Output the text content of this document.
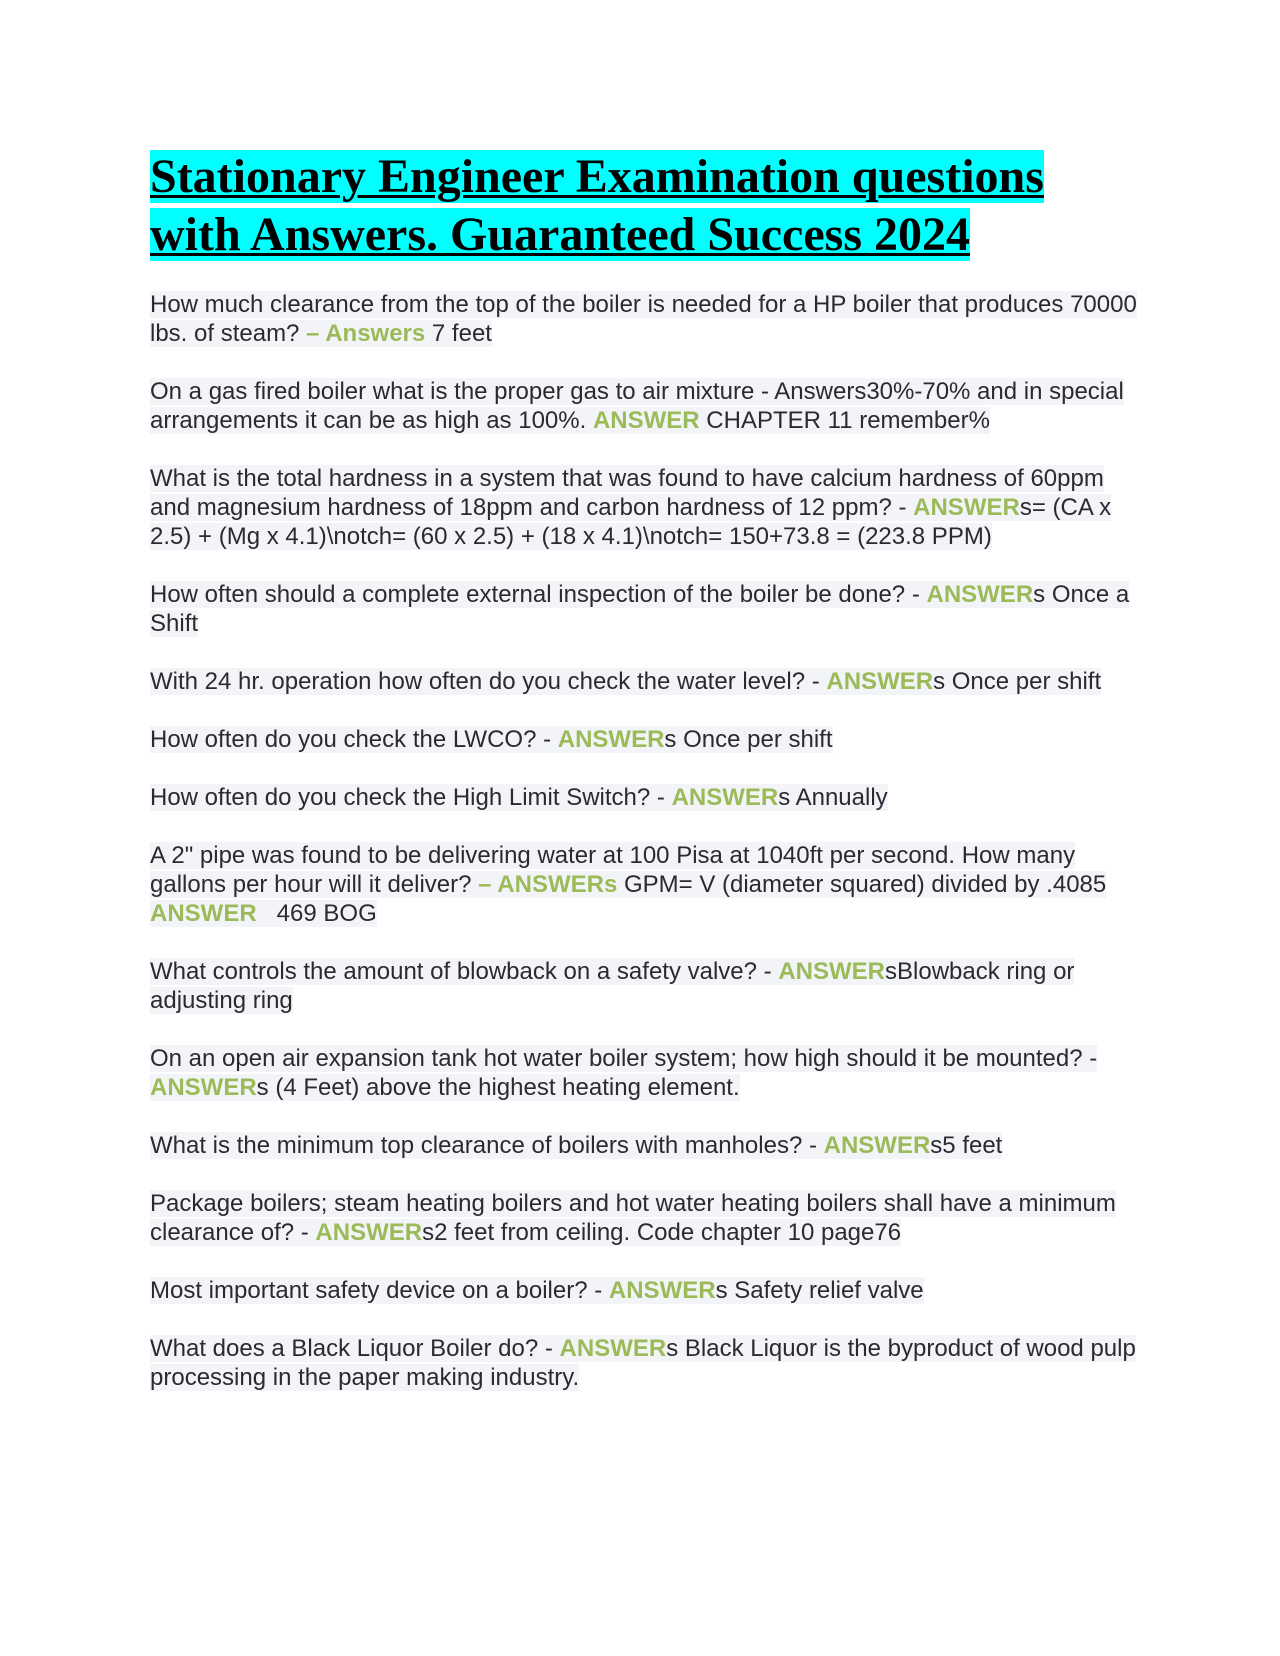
Stationary Engineer Examination questions with Answers. Guaranteed Success 2024

How much clearance from the top of the boiler is needed for a HP boiler that produces 70000 lbs. of steam? – Answers 7 feet

On a gas fired boiler what is the proper gas to air mixture - Answers30%-70% and in special arrangements it can be as high as 100%. ANSWER CHAPTER 11 remember%

What is the total hardness in a system that was found to have calcium hardness of 60ppm and magnesium hardness of 18ppm and carbon hardness of 12 ppm? - ANSWERs= (CA x 2.5) + (Mg x 4.1)\notch= (60 x 2.5) + (18 x 4.1)\notch= 150+73.8 = (223.8 PPM)

How often should a complete external inspection of the boiler be done? - ANSWERs Once a Shift

With 24 hr. operation how often do you check the water level? - ANSWERs Once per shift

How often do you check the LWCO? - ANSWERs Once per shift

How often do you check the High Limit Switch? - ANSWERs Annually

A 2" pipe was found to be delivering water at 100 Pisa at 1040ft per second. How many gallons per hour will it deliver? – ANSWERs GPM= V (diameter squared) divided by .4085 ANSWER   469 BOG

What controls the amount of blowback on a safety valve? - ANSWERsBlowback ring or adjusting ring

On an open air expansion tank hot water boiler system; how high should it be mounted? - ANSWERs (4 Feet) above the highest heating element.

What is the minimum top clearance of boilers with manholes? - ANSWERs5 feet

Package boilers; steam heating boilers and hot water heating boilers shall have a minimum clearance of? - ANSWERs2 feet from ceiling. Code chapter 10 page76

Most important safety device on a boiler? - ANSWERs Safety relief valve

What does a Black Liquor Boiler do? - ANSWERs Black Liquor is the byproduct of wood pulp processing in the paper making industry.
